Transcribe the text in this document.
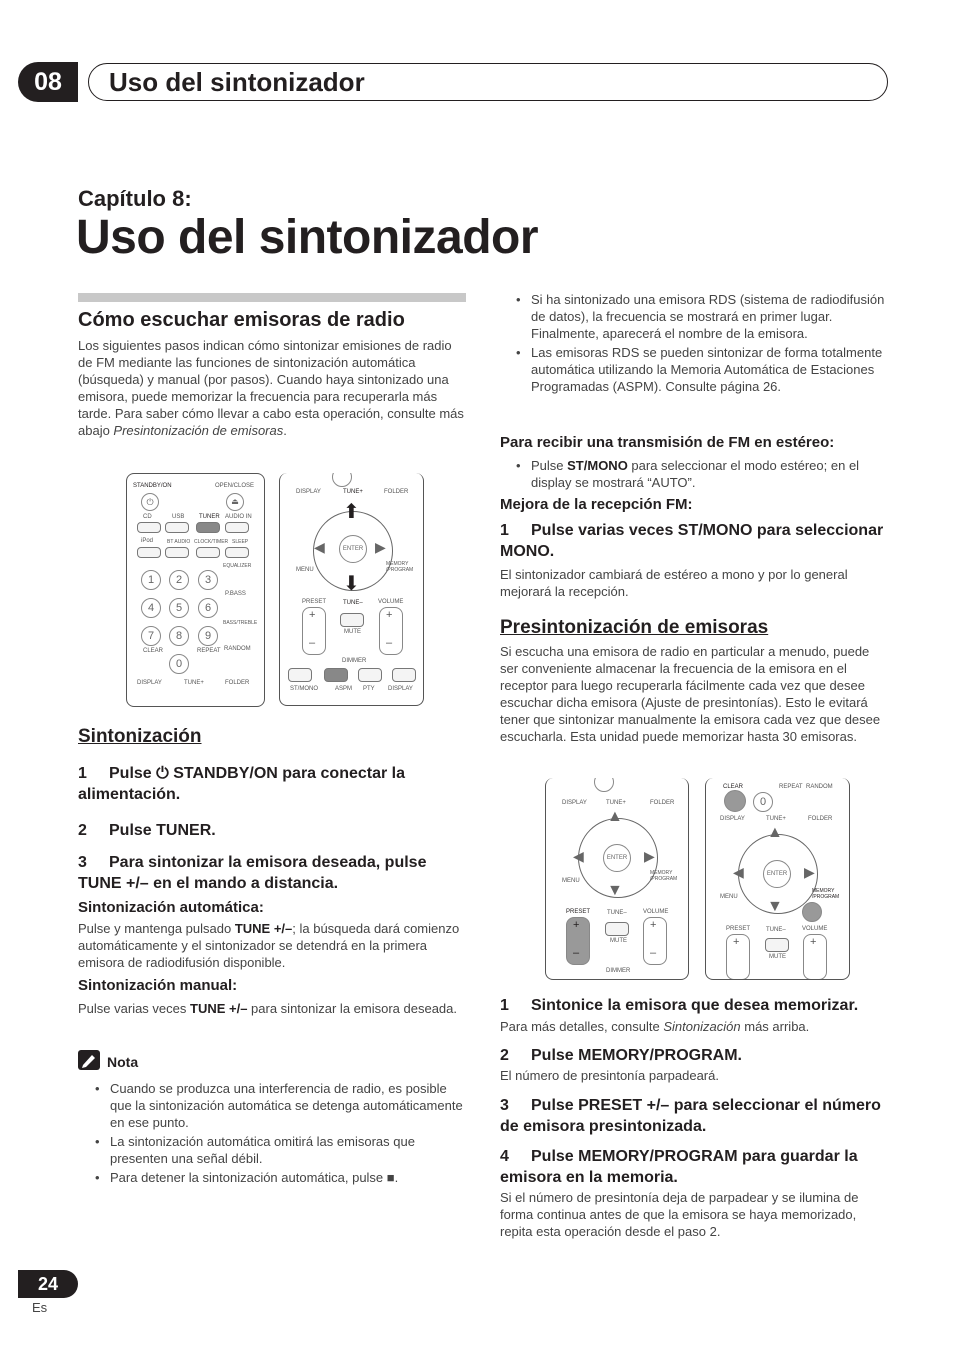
08	Uso del sintonizador
Capítulo 8:
Uso del sintonizador
Cómo escuchar emisoras de radio

Los siguientes pasos indican cómo sintonizar emisiones de radio de FM mediante las funciones de sintonización automática (búsqueda) y manual (por pasos). Cuando haya sintonizado una emisora, puede memorizar la frecuencia para recuperarla más tarde. Para saber cómo llevar a cabo esta operación, consulte más abajo Presintonización de emisoras.

STANDBY/ON	OPEN/CLOSE
⏻	⏏
CD	USB TUNER AUDIO IN
iPod	BT AUDIO CLOCK/TIMER SLEEP
EQUALIZER
1	2	3
P.BASS
4	5	6
BASS/TREBLE
7	8	9
CLEAR	REPEAT RANDOM
0
DISPLAY	TUNE+	FOLDER
DISPLAY	TUNE+	FOLDER
⬆
⬇
◀	▶
ENTER
MENU
MEMORY /PROGRAM
PRESET	TUNE–	VOLUME
+
–
+
–
MUTE
DIMMER
ST/MONO	ASPM PTY DISPLAY
Sintonización

1 Pulse ⏻ STANDBY/ON para conectar la alimentación.

2 Pulse TUNER.

3 Para sintonizar la emisora deseada, pulse TUNE +/– en el mando a distancia.

Sintonización automática:

Pulse y mantenga pulsado TUNE +/–; la búsqueda dará comienzo automáticamente y el sintonizador se detendrá en la primera emisora de radiodifusión disponible.

Sintonización manual:

Pulse varias veces TUNE +/– para sintonizar la emisora deseada.

Nota

• Cuando se produzca una interferencia de radio, es posible que la sintonización automática se detenga automáticamente en ese punto.

• La sintonización automática omitirá las emisoras que presenten una señal débil.

• Para detener la sintonización automática, pulse ■.

• Si ha sintonizado una emisora RDS (sistema de radiodifusión de datos), la frecuencia se mostrará en primer lugar. Finalmente, aparecerá el nombre de la emisora.

• Las emisoras RDS se pueden sintonizar de forma totalmente automática utilizando la Memoria Automática de Estaciones Programadas (ASPM). Consulte página 26.

Para recibir una transmisión de FM en estéreo:

• Pulse ST/MONO para seleccionar el modo estéreo; en el display se mostrará “AUTO”.

Mejora de la recepción FM:

1 Pulse varias veces ST/MONO para seleccionar MONO.

El sintonizador cambiará de estéreo a mono y por lo general mejorará la recepción.

Presintonización de emisoras

Si escucha una emisora de radio en particular a menudo, puede ser conveniente almacenar la frecuencia de la emisora en el receptor para luego recuperarla fácilmente cada vez que desee escuchar dicha emisora (Ajuste de presintonías). Esto le evitará tener que sintonizar manualmente la emisora cada vez que desee escucharla. Esta unidad puede memorizar hasta 30 emisoras.

DISPLAY	TUNE+	FOLDER
▲
▼
◀	▶
ENTER
MENU
MEMORY /PROGRAM
PRESET	TUNE–	VOLUME
+
–
+
–
MUTE
DIMMER
CLEAR	REPEAT RANDOM
0
DISPLAY	TUNE+	FOLDER
▲
▼
◀	▶
ENTER
MENU
MEMORY /PROGRAM
PRESET	TUNE–	VOLUME
+	+
MUTE

1 Sintonice la emisora que desea memorizar.

Para más detalles, consulte Sintonización más arriba.

2 Pulse MEMORY/PROGRAM.

El número de presintonía parpadeará.

3 Pulse PRESET +/– para seleccionar el número de emisora presintonizada.

4 Pulse MEMORY/PROGRAM para guardar la emisora en la memoria.

Si el número de presintonía deja de parpadear y se ilumina de forma continua antes de que la emisora se haya memorizado, repita esta operación desde el paso 2.

24
Es
